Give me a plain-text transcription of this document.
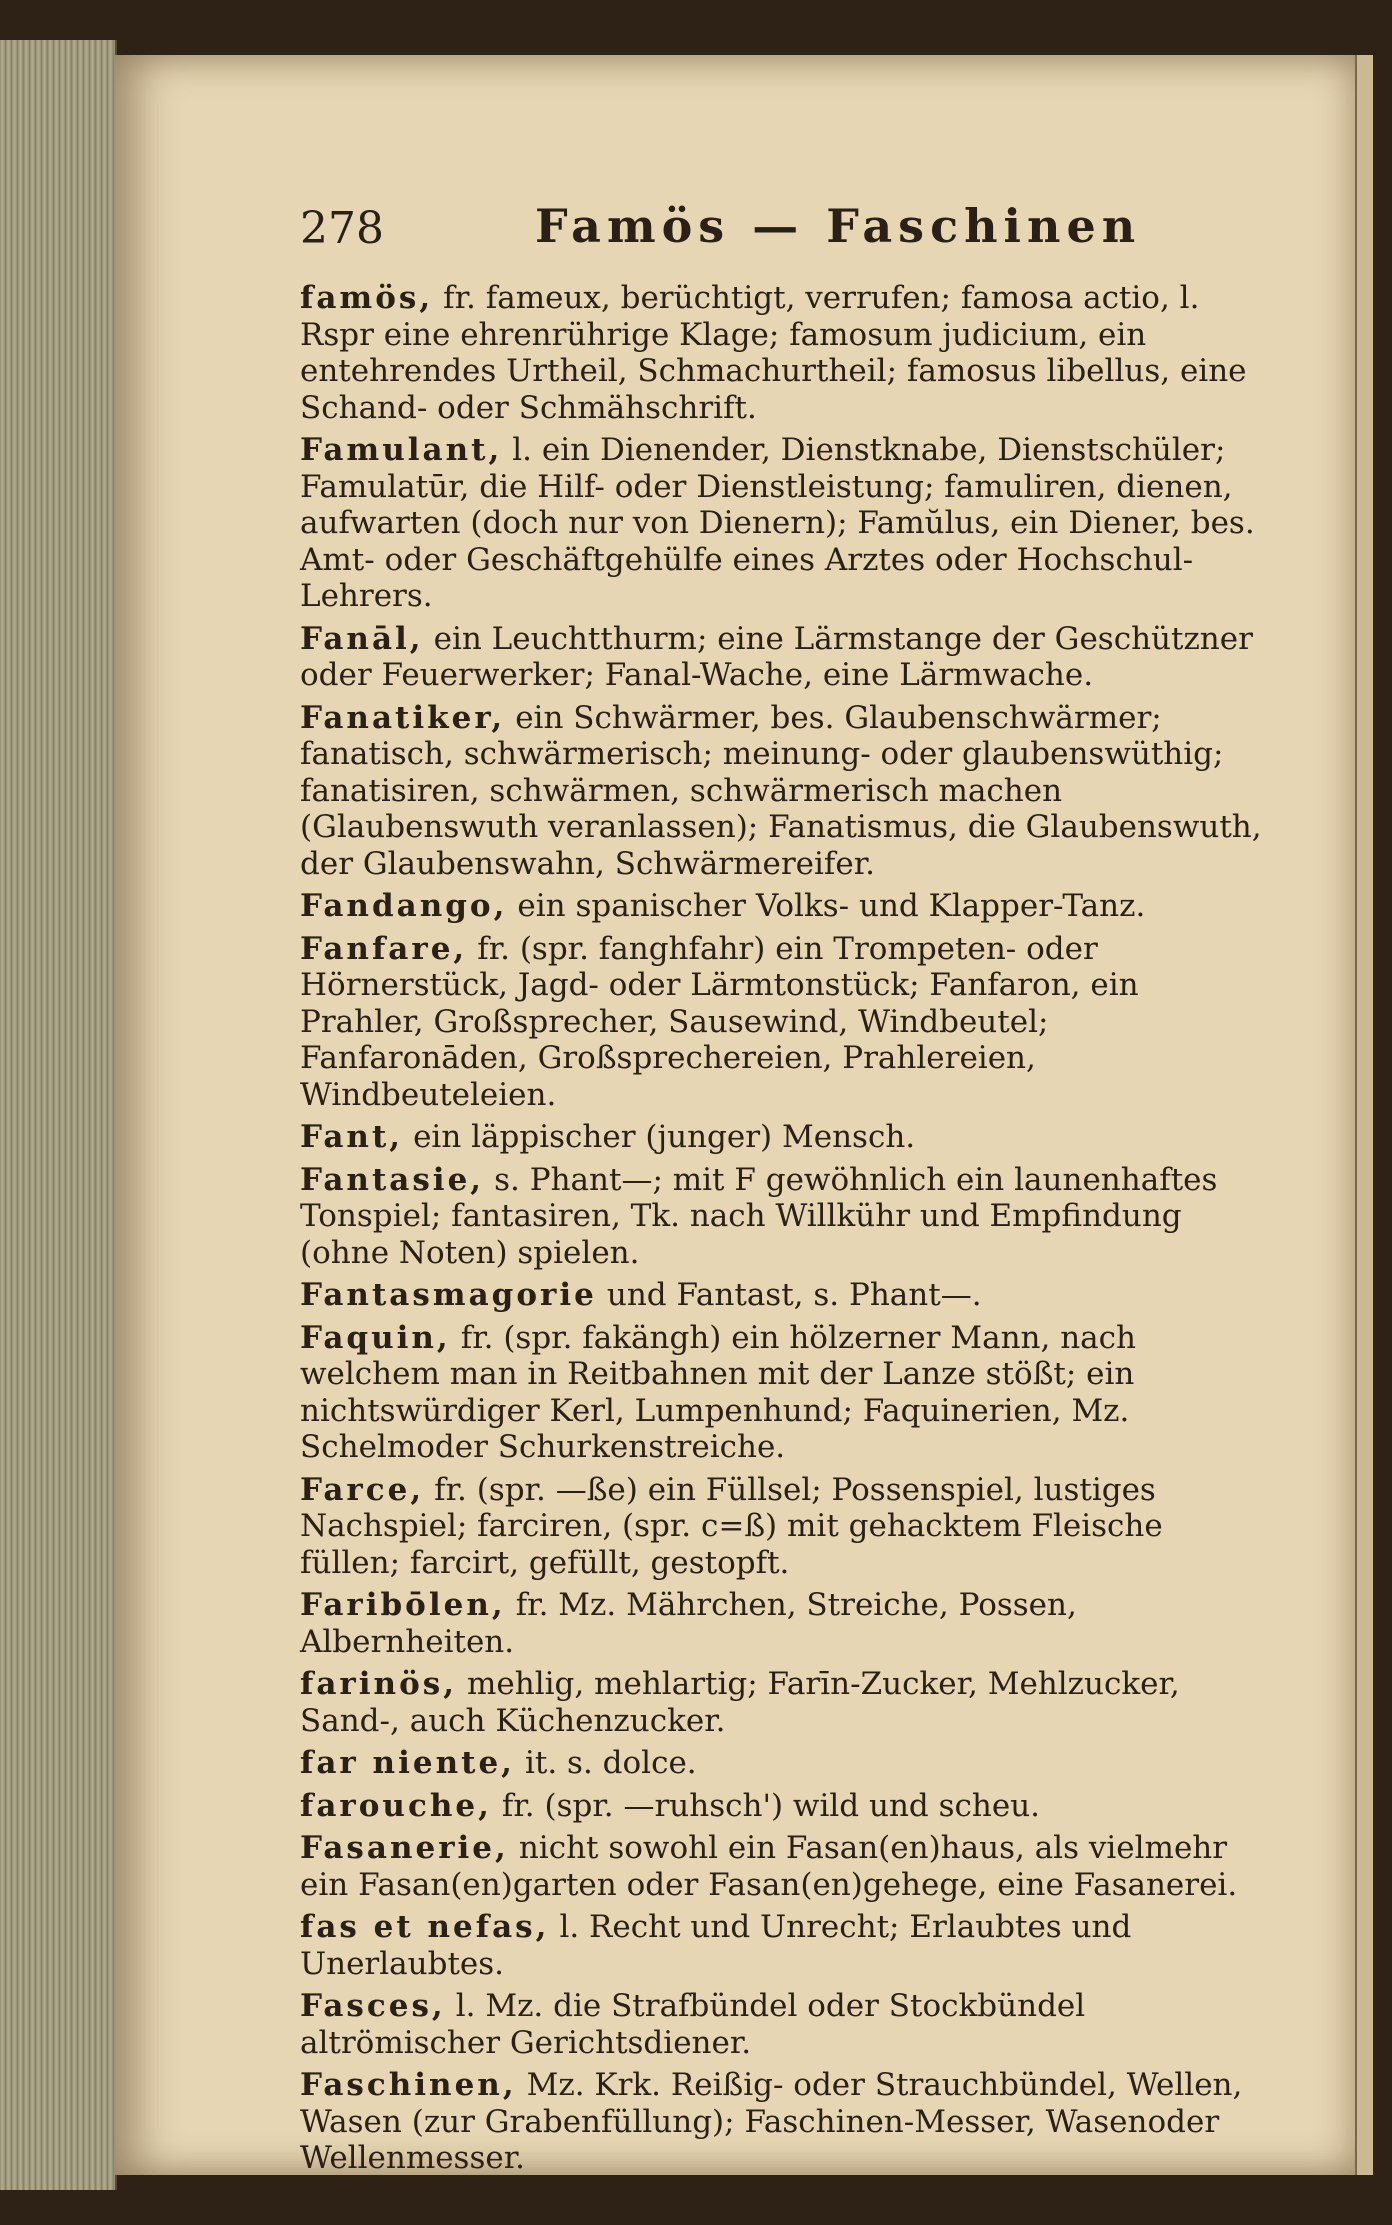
278	Famös — Faschinen

famös, fr. fameux, berüchtigt, verrufen; famosa actio, l. Rspr eine ehrenrührige Klage; famosum judicium, ein entehrendes Urtheil, Schmachurtheil; famosus libellus, eine Schand- oder Schmähschrift.

Famulant, l. ein Dienender, Dienstknabe, Dienstschüler; Famulatūr, die Hilf- oder Dienstleistung; famuliren, dienen, aufwarten (doch nur von Dienern); Famŭlus, ein Diener, bes. Amt- oder Geschäftgehülfe eines Arztes oder Hochschul-Lehrers.

Fanāl, ein Leuchtthurm; eine Lärmstange der Geschützner oder Feuerwerker; Fanal-Wache, eine Lärmwache.

Fanatiker, ein Schwärmer, bes. Glaubenschwärmer; fanatisch, schwärmerisch; meinung- oder glaubenswüthig; fanatisiren, schwärmen, schwärmerisch machen (Glaubenswuth veranlassen); Fanatismus, die Glaubenswuth, der Glaubenswahn, Schwärmereifer.

Fandango, ein spanischer Volks- und Klapper-Tanz.

Fanfare, fr. (spr. fanghfahr) ein Trompeten- oder Hörnerstück, Jagd- oder Lärmtonstück; Fanfaron, ein Prahler, Großsprecher, Sausewind, Windbeutel; Fanfaronāden, Großsprechereien, Prahlereien, Windbeuteleien.

Fant, ein läppischer (junger) Mensch.

Fantasie, s. Phant—; mit F gewöhnlich ein launenhaftes Tonspiel; fantasiren, Tk. nach Willkühr und Empfindung (ohne Noten) spielen.

Fantasmagorie und Fantast, s. Phant—.

Faquin, fr. (spr. fakängh) ein hölzerner Mann, nach welchem man in Reitbahnen mit der Lanze stößt; ein nichtswürdiger Kerl, Lumpenhund; Faquinerien, Mz. Schelmoder Schurkenstreiche.

Farce, fr. (spr. —ße) ein Füllsel; Possenspiel, lustiges Nachspiel; farciren, (spr. c=ß) mit gehacktem Fleische füllen; farcirt, gefüllt, gestopft.

Faribōlen, fr. Mz. Mährchen, Streiche, Possen, Albernheiten.

farinös, mehlig, mehlartig; Farīn-Zucker, Mehlzucker, Sand-, auch Küchenzucker.

far niente, it. s. dolce.

farouche, fr. (spr. —ruhsch') wild und scheu.

Fasanerie, nicht sowohl ein Fasan(en)haus, als vielmehr ein Fasan(en)garten oder Fasan(en)gehege, eine Fasanerei.

fas et nefas, l. Recht und Unrecht; Erlaubtes und Unerlaubtes.

Fasces, l. Mz. die Strafbündel oder Stockbündel altrömischer Gerichtsdiener.

Faschinen, Mz. Krk. Reißig- oder Strauchbündel, Wellen, Wasen (zur Grabenfüllung); Faschinen-Messer, Wasenoder Wellenmesser.
